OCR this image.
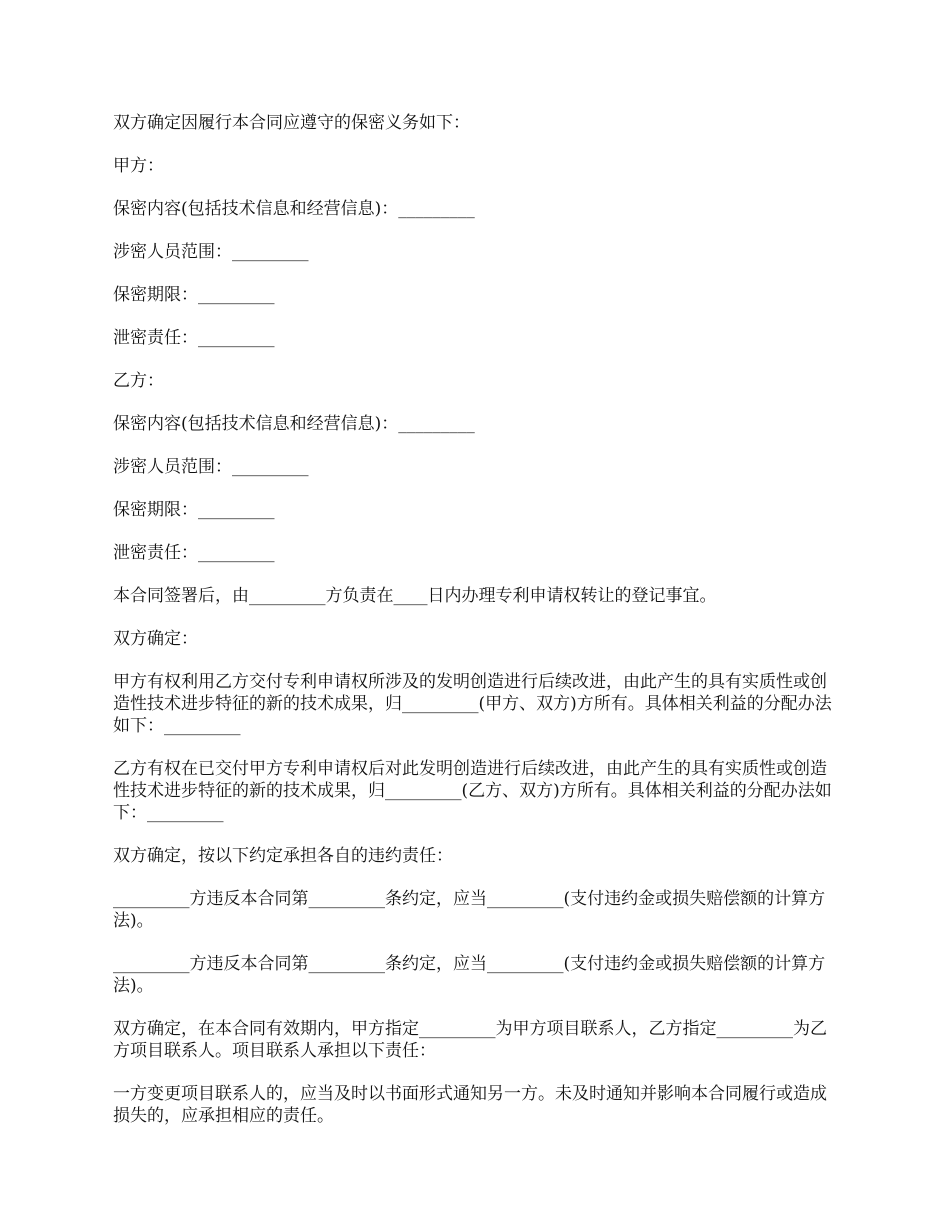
双方确定因履行本合同应遵守的保密义务如下：

甲方：

保密内容(包括技术信息和经营信息)：_________

涉密人员范围：_________

保密期限：_________

泄密责任：_________

乙方：

保密内容(包括技术信息和经营信息)：_________

涉密人员范围：_________

保密期限：_________

泄密责任：_________

本合同签署后，由_________方负责在____日内办理专利申请权转让的登记事宜。

双方确定：

甲方有权利用乙方交付专利申请权所涉及的发明创造进行后续改进，由此产生的具有实质性或创造性技术进步特征的新的技术成果，归_________(甲方、双方)方所有。具体相关利益的分配办法如下：_________

乙方有权在已交付甲方专利申请权后对此发明创造进行后续改进，由此产生的具有实质性或创造性技术进步特征的新的技术成果，归_________(乙方、双方)方所有。具体相关利益的分配办法如下：_________

双方确定，按以下约定承担各自的违约责任：

_________方违反本合同第_________条约定，应当_________(支付违约金或损失赔偿额的计算方法)。

_________方违反本合同第_________条约定，应当_________(支付违约金或损失赔偿额的计算方法)。

双方确定，在本合同有效期内，甲方指定_________为甲方项目联系人，乙方指定_________为乙方项目联系人。项目联系人承担以下责任：

一方变更项目联系人的，应当及时以书面形式通知另一方。未及时通知并影响本合同履行或造成损失的，应承担相应的责任。
